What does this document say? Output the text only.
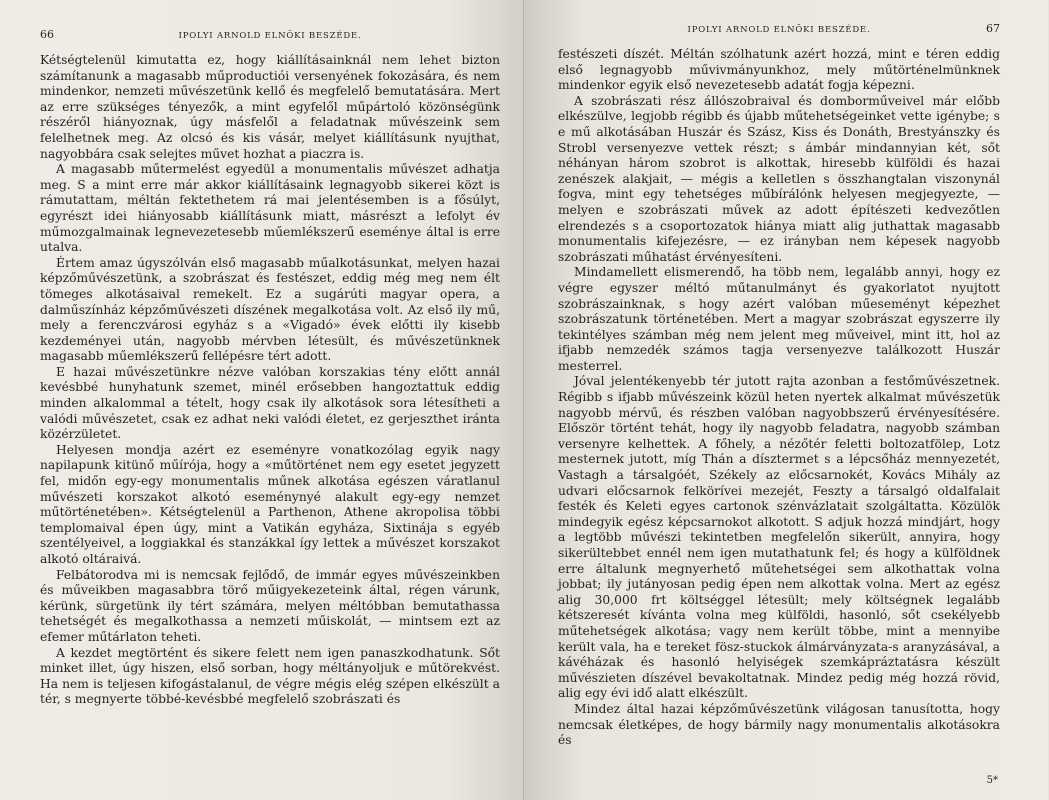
66	IPOLYI ARNOLD ELNÖKI BESZÉDE.

Kétségtelenül kimutatta ez, hogy kiállításainknál nem lehet bizton számítanunk a magasabb műproductiói versenyének fokozására, és nem mindenkor, nemzeti művészetünk kellő és megfelelő bemutatására. Mert az erre szükséges tényezők, a mint egyfelől műpártoló közönségünk részéről hiányoznak, úgy másfelől a feladatnak művészeink sem felelhetnek meg. Az olcsó és kis vásár, melyet kiállításunk nyujthat, nagyobbára csak selejtes művet hozhat a piaczra is.

A magasabb műtermelést egyedül a monumentalis művészet adhatja meg. S a mint erre már akkor kiállításaink legnagyobb sikerei közt is rámutattam, méltán fektethetem rá mai jelentésemben is a fősúlyt, egyrészt idei hiányosabb kiállításunk miatt, másrészt a lefolyt év műmozgalmainak legnevezetesebb műemlékszerű eseménye által is erre utalva.

Értem amaz úgyszólván első magasabb műalkotásunkat, melyen hazai képzőművészetünk, a szobrászat és festészet, eddig még meg nem élt tömeges alkotásaival remekelt. Ez a sugárúti magyar opera, a dalműszínház képzőművészeti díszének megalkotása volt. Az első ily mű, mely a ferenczvárosi egyház s a «Vigadó» évek előtti ily kisebb kezdeményei után, nagyobb mérvben létesült, és művészetünknek magasabb műemlékszerű fellépésre tért adott.

E hazai művészetünkre nézve valóban korszakias tény előtt annál kevésbbé hunyhatunk szemet, minél erősebben hangoztattuk eddig minden alkalommal a tételt, hogy csak ily alkotások sora létesítheti a valódi művészetet, csak ez adhat neki valódi életet, ez gerjeszthet irántа közérzületet.

Helyesen mondja azért ez eseményre vonatkozólag egyik nagy napilapunk kitünő műírója, hogy a «műtörténet nem egy esetet jegyzett fel, midőn egy-egy monumentalis műnek alkotása egészen váratlanul művészeti korszakot alkotó eseménynyé alakult egy-egy nemzet műtörténetében». Kétségtelenül a Parthenon, Athene akropolisa többi templomaival épen úgy, mint a Vatikán egyháza, Sixtinája s egyéb szentélyeivel, a loggiakkal és stanzákkal így lettek a művészet korszakot alkotó oltáraivá.

Felbátorodva mi is nemcsak fejlődő, de immár egyes művészeinkben és műveikben magasabbra törő műigyekezeteink által, régen várunk, kérünk, sürgetünk ily tért számára, melyen méltóbban bemutathassa tehetségét és megalkothassa a nemzeti műiskolát, — mintsem ezt az efemer műtárlaton teheti.

A kezdet megtörtént és sikere felett nem igen panaszkodhatunk. Sőt minket illet, úgy hiszen, első sorban, hogy méltányoljuk e műtörekvést. Ha nem is teljesen kifogástalanul, de végre mégis elég szépen elkészült a tér, s megnyerte többé-kevésbbé megfelelő szobrászati és

IPOLYI ARNOLD ELNÖKI BESZÉDE.	67

festészeti díszét. Méltán szólhatunk azért hozzá, mint e téren eddig első legnagyobb művivmányunkhoz, mely műtörténelmünknek mindenkor egyik első nevezetesebb adatát fogja képezni.

A szobrászati rész állószobraival és domborműveivel már előbb elkészülve, legjobb régibb és újabb műtehetségeinket vette igénybe; s e mű alkotásában Huszár és Szász, Kiss és Donáth, Brestyánszky és Strobl versenyezve vettek részt; s ámbár mindannyian két, sőt néhányan három szobrot is alkottak, hiresebb külföldi és hazai zenészek alakjait, — mégis a kelletlen s összhangtalan viszonynál fogva, mint egy tehetséges műbírálónk helyesen megjegyezte, — melyen e szobrászati művek az adott építészeti kedvezőtlen elrendezés s a csoportozatok hiánya miatt alig juthattak magasabb monumentalis kifejezésre, — ez irányban nem képesek nagyobb szobrászati műhatást érvényesíteni.

Mindamellett elismerendő, ha több nem, legalább annyi, hogy ez végre egyszer méltó műtanulmányt és gyakorlatot nyujtott szobrászainknak, s hogy azért valóban műeseményt képezhet szobrászatunk történetében. Mert a magyar szobrászat egyszerre ily tekintélyes számban még nem jelent meg műveivel, mint itt, hol az ifjabb nemzedék számos tagja versenyezve találkozott Huszár mesterrel.

Jóval jelentékenyebb tér jutott rajta azonban a festőművészetnek. Régibb s ifjabb művészeink közül heten nyertek alkalmat művészetük nagyobb mérvű, és részben valóban nagyobbszerű érvényesítésére. Először történt tehát, hogy ily nagyobb feladatra, nagyobb számban versenyre kelhettek. A főhely, a nézőtér feletti boltozatfölep, Lotz mesternek jutott, míg Thán a dísztermet s a lépcsőház mennyezetét, Vastagh a társalgóét, Székely az előcsarnokét, Kovács Mihály az udvari előcsarnok felkörívei mezejét, Feszty a társalgó oldalfalait festék és Keleti egyes cartonok szénvázlatait szolgáltatta. Közülök mindegyik egész képcsarnokot alkotott. S adjuk hozzá mindjárt, hogy a legtöbb művészi tekintetben megfelelőn sikerült, annyira, hogy sikerültebbet ennél nem igen mutathatunk fel; és hogy a külföldnek erre általunk megnyerhető műtehetségei sem alkothattak volna jobbat; ily jutányosan pedig épen nem alkottak volna. Mert az egész alig 30,000 frt költséggel létesült; mely költségnek legalább kétszeresét kívánta volna meg külföldi, hasonló, sőt csekélyebb műtehetségek alkotása; vagy nem került többe, mint a mennyibe került vala, ha e tereket fösz-stuckok álmárványzata-s aranyzásával, a kávéházak és hasonló helyiségek szemkápráztatásra készült művészieten díszével bevakoltatnak. Mindez pedig még hozzá rövid, alig egy évi idő alatt elkészült.

Mindez által hazai képzőművészetünk világosan tanusította, hogy nemcsak életképes, de hogy bármily nagy monumentalis alkotásokra és

5*
